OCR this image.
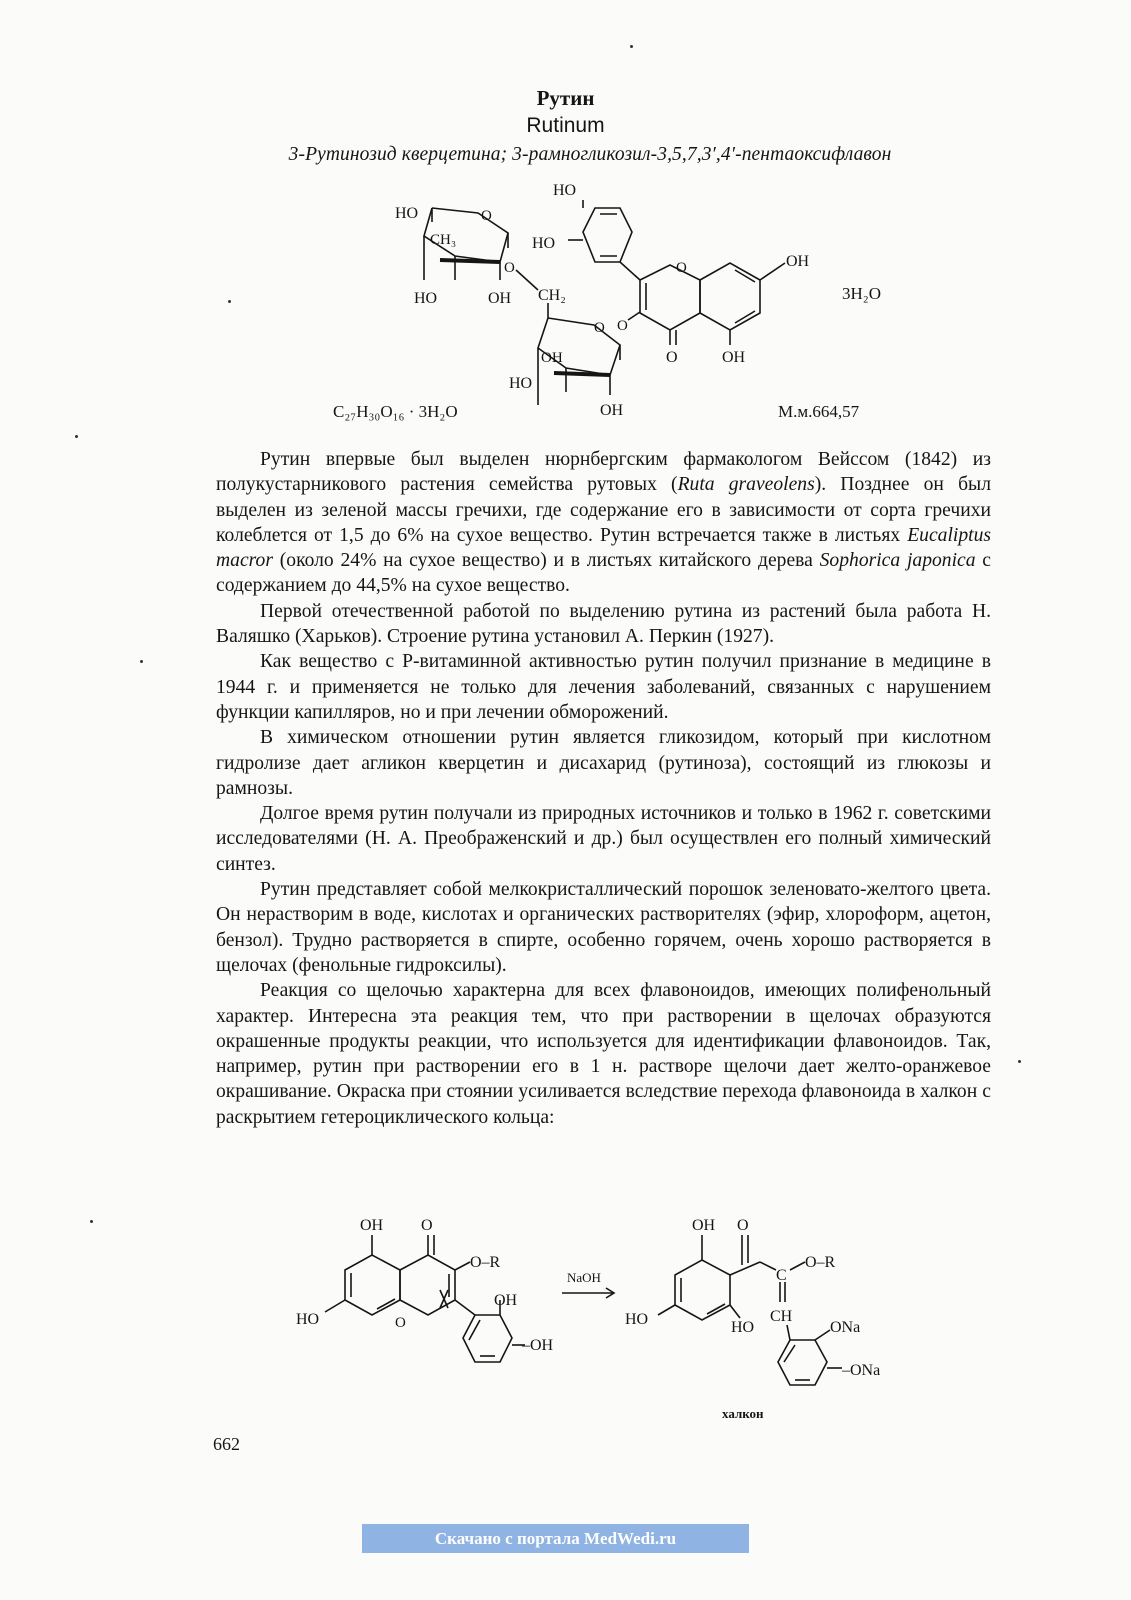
Рутин
Rutinum
3-Рутинозид кверцетина; 3-рамногликозил-3,5,7,3′,4′-пентаоксифлавон
O
HO
CH₃
HO	OH
O
CH₂
O
OH
HO
OH
O
HO
HO
O
O	OH
OH
3H₂O
C₂₇H₃₀O₁₆ · 3H₂O	М.м.664,57

Рутин впервые был выделен нюрнбергским фармакологом Вейссом (1842) из полукустарникового растения семейства рутовых (Ruta graveolens). Позднее он был выделен из зеленой массы гречихи, где содержание его в зависимости от сорта гречихи колеблется от 1,5 до 6% на сухое вещество. Рутин встречается также в листьях Eucaliptus macror (около 24% на сухое вещество) и в листьях китайского дерева Sophorica japonica с содержанием до 44,5% на сухое вещество.

Первой отечественной работой по выделению рутина из растений была работа Н. Валяшко (Харьков). Строение рутина установил А. Перкин (1927).

Как вещество с Р-витаминной активностью рутин получил признание в медицине в 1944 г. и применяется не только для лечения заболеваний, связанных с нарушением функции капилляров, но и при лечении обморожений.

В химическом отношении рутин является гликозидом, который при кислотном гидролизе дает агликон кверцетин и дисахарид (рутиноза), состоящий из глюкозы и рамнозы.

Долгое время рутин получали из природных источников и только в 1962 г. советскими исследователями (Н. А. Преображенский и др.) был осуществлен его полный химический синтез.

Рутин представляет собой мелкокристаллический порошок зеленовато-желтого цвета. Он нерастворим в воде, кислотах и органических растворителях (эфир, хлороформ, ацетон, бензол). Трудно растворяется в спирте, особенно горячем, очень хорошо растворяется в щелочах (фенольные гидроксилы).

Реакция со щелочью характерна для всех флавоноидов, имеющих полифенольный характер. Интересна эта реакция тем, что при растворении в щелочах образуются окрашенные продукты реакции, что используется для идентификации флавоноидов. Так, например, рутин при растворении его в 1 н. растворе щелочи дает желто-оранжевое окрашивание. Окраска при стоянии усиливается вследствие перехода флавоноида в халкон с раскрытием гетероциклического кольца:

OH O
O–R
OH
HO	O
–OH
NaOH
OH O
C
O–R
CH
ONa
–ONa
HO	HO
халкон
662
Скачано с портала MedWedi.ru
